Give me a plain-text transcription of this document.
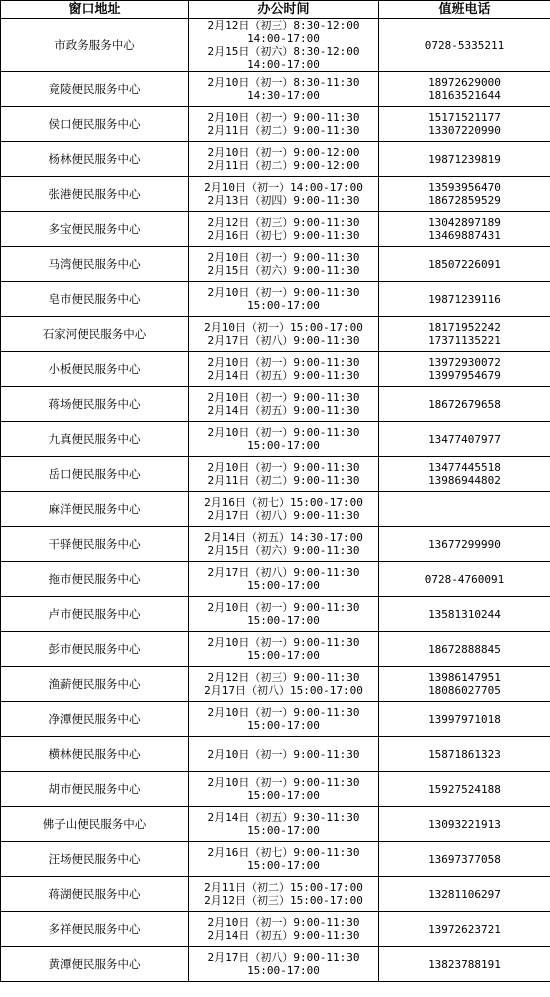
窗口地址	办公时间	值班电话
市政务服务中心	2月12日（初三）8:30-12:00
14:00-17:00
2月15日（初六）8:30-12:00
14:00-17:00	0728-5335211

竟陵便民服务中心	2月10日（初一）8:30-11:30
14:30-17:00	18972629000
18163521644

侯口便民服务中心	2月10日（初一）9:00-11:30
2月11日（初二）9:00-11:30	15171521177
13307220990

杨林便民服务中心	2月10日（初一）9:00-12:00
2月11日（初二）9:00-12:00	19871239819

张港便民服务中心	2月10日（初一）14:00-17:00
2月13日（初四）9:00-11:30	13593956470
18672859529

多宝便民服务中心	2月12日（初三）9:00-11:30
2月16日（初七）9:00-11:30	13042897189
13469887431

马湾便民服务中心	2月10日（初一）9:00-11:30
2月15日（初六）9:00-11:30	18507226091

皂市便民服务中心	2月10日（初一）9:00-11:30
15:00-17:00	19871239116

石家河便民服务中心	2月10日（初一）15:00-17:00
2月17日（初八）9:00-11:30	18171952242
17371135221

小板便民服务中心	2月10日（初一）9:00-11:30
2月14日（初五）9:00-11:30	13972930072
13997954679

蒋场便民服务中心	2月10日（初一）9:00-11:30
2月14日（初五）9:00-11:30	18672679658

九真便民服务中心	2月10日（初一）9:00-11:30
15:00-17:00	13477407977

岳口便民服务中心	2月10日（初一）9:00-11:30
2月11日（初二）9:00-11:30	13477445518
13986944802

麻洋便民服务中心	2月16日（初七）15:00-17:00
2月17日（初八）9:00-11:30	

干驿便民服务中心	2月14日（初五）14:30-17:00
2月15日（初六）9:00-11:30	13677299990

拖市便民服务中心	2月17日（初八）9:00-11:30
15:00-17:00	0728-4760091

卢市便民服务中心	2月10日（初一）9:00-11:30
15:00-17:00	13581310244

彭市便民服务中心	2月10日（初一）9:00-11:30
15:00-17:00	18672888845

渔薪便民服务中心	2月12日（初三）9:00-11:30
2月17日（初八）15:00-17:00	13986147951
18086027705

净潭便民服务中心	2月10日（初一）9:00-11:30
15:00-17:00	13997971018

横林便民服务中心	2月10日（初一）9:00-11:30	15871861323

胡市便民服务中心	2月10日（初一）9:00-11:30
15:00-17:00	15927524188

佛子山便民服务中心	2月14日（初五）9:30-11:30
15:00-17:00	13093221913

汪场便民服务中心	2月16日（初七）9:00-11:30
15:00-17:00	13697377058

蒋湖便民服务中心	2月11日（初二）15:00-17:00
2月12日（初三）15:00-17:00	13281106297

多祥便民服务中心	2月10日（初一）9:00-11:30
2月14日（初五）9:00-11:30	13972623721

黄潭便民服务中心	2月17日（初八）9:00-11:30
15:00-17:00	13823788191
